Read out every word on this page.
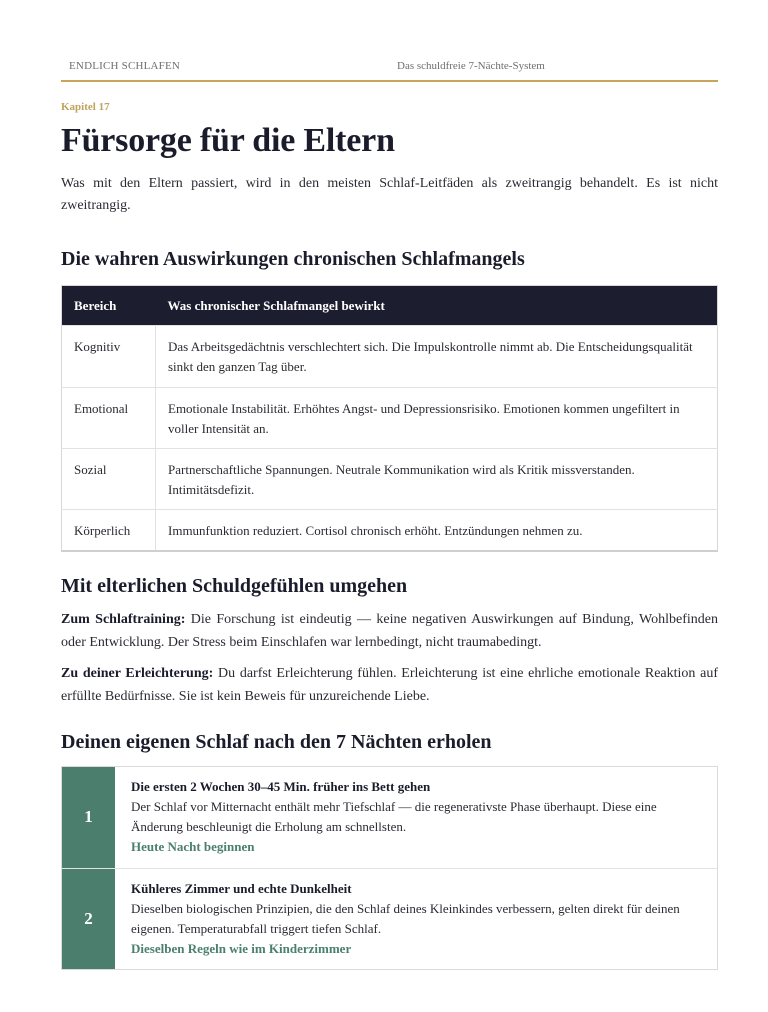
ENDLICH SCHLAFEN	Das schuldfreie 7-Nächte-System
Kapitel 17
Fürsorge für die Eltern

Was mit den Eltern passiert, wird in den meisten Schlaf-Leitfäden als zweitrangig behandelt. Es ist nicht zweitrangig.

Die wahren Auswirkungen chronischen Schlafmangels
Bereich	Was chronischer Schlafmangel bewirkt
Kognitiv	Das Arbeitsgedächtnis verschlechtert sich. Die Impulskontrolle nimmt ab. Die Entscheidungsqualität sinkt den ganzen Tag über.
Emotional	Emotionale Instabilität. Erhöhtes Angst- und Depressionsrisiko. Emotionen kommen ungefiltert in voller Intensität an.
Sozial	Partnerschaftliche Spannungen. Neutrale Kommunikation wird als Kritik missverstanden. Intimitätsdefizit.
Körperlich	Immunfunktion reduziert. Cortisol chronisch erhöht. Entzündungen nehmen zu.
Mit elterlichen Schuldgefühlen umgehen

Zum Schlaftraining: Die Forschung ist eindeutig — keine negativen Auswirkungen auf Bindung, Wohlbefinden oder Entwicklung. Der Stress beim Einschlafen war lernbedingt, nicht traumabedingt.

Zu deiner Erleichterung: Du darfst Erleichterung fühlen. Erleichterung ist eine ehrliche emotionale Reaktion auf erfüllte Bedürfnisse. Sie ist kein Beweis für unzureichende Liebe.

Deinen eigenen Schlaf nach den 7 Nächten erholen
1
Die ersten 2 Wochen 30–45 Min. früher ins Bett gehen
Der Schlaf vor Mitternacht enthält mehr Tiefschlaf — die regenerativste Phase überhaupt. Diese eine Änderung beschleunigt die Erholung am schnellsten.
Heute Nacht beginnen
2
Kühleres Zimmer und echte Dunkelheit
Dieselben biologischen Prinzipien, die den Schlaf deines Kleinkindes verbessern, gelten direkt für deinen eigenen. Temperaturabfall triggert tiefen Schlaf.
Dieselben Regeln wie im Kinderzimmer
